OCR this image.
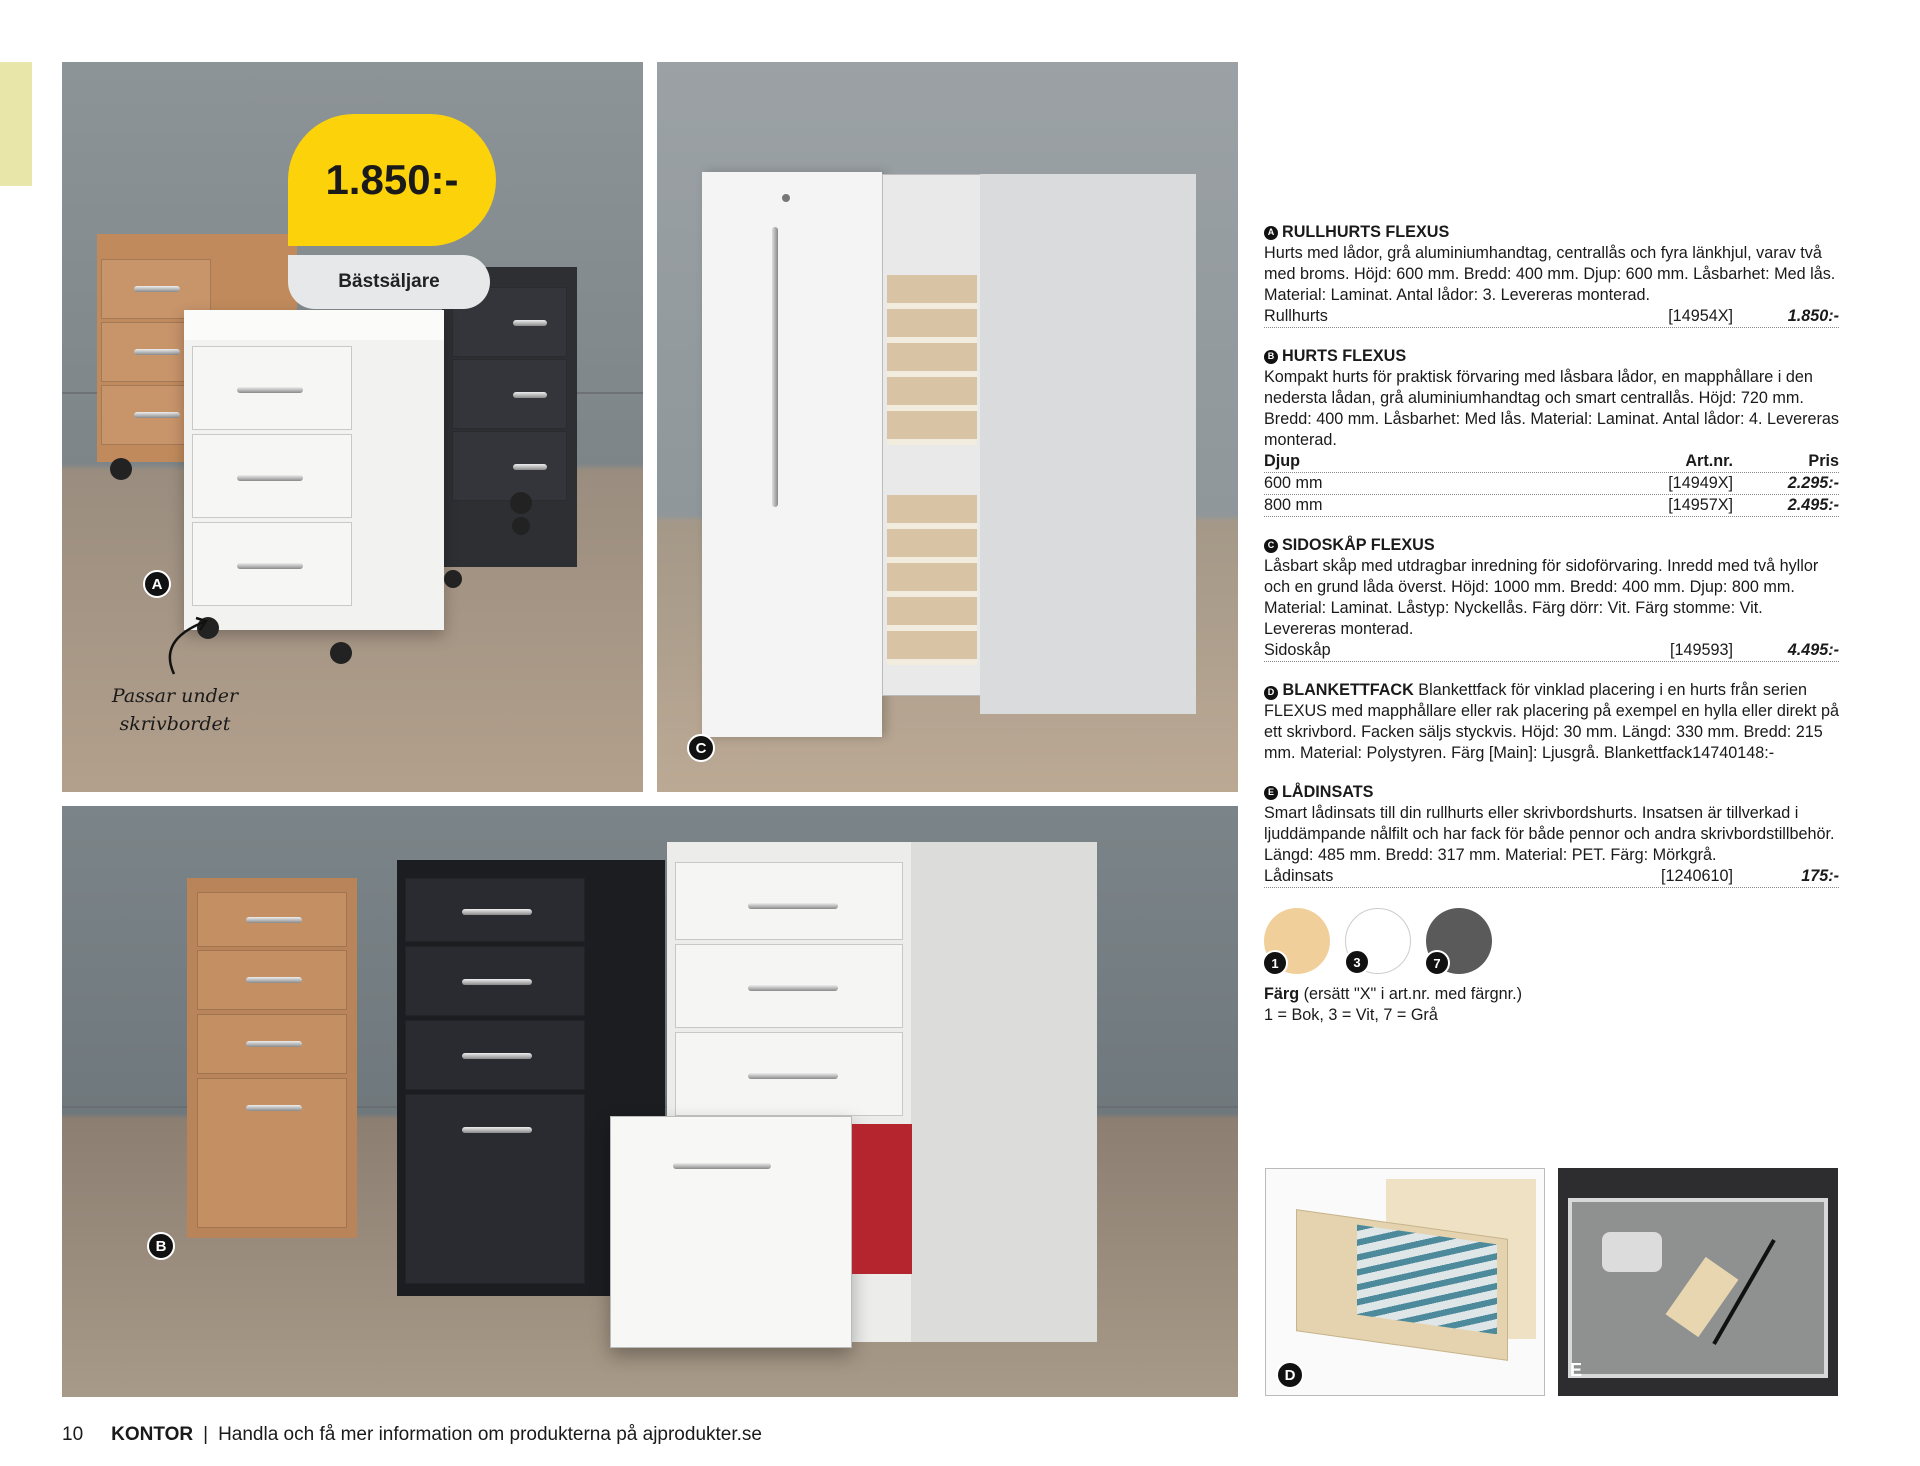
1.850:-
Bästsäljare
A
Passar under
skrivbordet
C
B
A RULLHURTS FLEXUS
Hurts med lådor, grå aluminiumhandtag, centrallås och fyra länkhjul, varav två med broms. Höjd: 600 mm. Bredd: 400 mm. Djup: 600 mm. Låsbarhet: Med lås. Material: Laminat. Antal lådor: 3. Levereras monterad.
Rullhurts	[14954X]	1.850:-
B HURTS FLEXUS
Kompakt hurts för praktisk förvaring med låsbara lådor, en mapphållare i den nedersta lådan, grå aluminiumhandtag och smart centrallås. Höjd: 720 mm. Bredd: 400 mm. Låsbarhet: Med lås. Material: Laminat. Antal lådor: 4. Levereras monterad.
Djup	Art.nr.	Pris
600 mm	[14949X]	2.295:-
800 mm	[14957X]	2.495:-
C SIDOSKÅP FLEXUS
Låsbart skåp med utdragbar inredning för sidoförvaring. Inredd med två hyllor och en grund låda överst. Höjd: 1000 mm. Bredd: 400 mm. Djup: 800 mm. Material: Laminat. Låstyp: Nyckellås. Färg dörr: Vit. Färg stomme: Vit. Levereras monterad.
Sidoskåp	[149593]	4.495:-
D BLANKETTFACK Blankettfack för vinklad placering i en hurts från serien FLEXUS med mapphållare eller rak placering på exempel en hylla eller direkt på ett skrivbord. Facken säljs styckvis. Höjd: 30 mm. Längd: 330 mm. Bredd: 215 mm. Material: Polystyren. Färg [Main]: Ljusgrå. Blankettfack14740148:-
E LÅDINSATS
Smart lådinsats till din rullhurts eller skrivbordshurts. Insatsen är tillverkad i ljuddämpande nålfilt och har fack för både pennor och andra skrivbordstillbehör. Längd: 485 mm. Bredd: 317 mm. Material: PET. Färg: Mörkgrå.
Lådinsats	[1240610]	175:-
1	3	7
Färg (ersätt "X" i art.nr. med färgnr.)
1 = Bok, 3 = Vit, 7 = Grå
D	E
10 KONTOR | Handla och få mer information om produkterna på ajprodukter.se
